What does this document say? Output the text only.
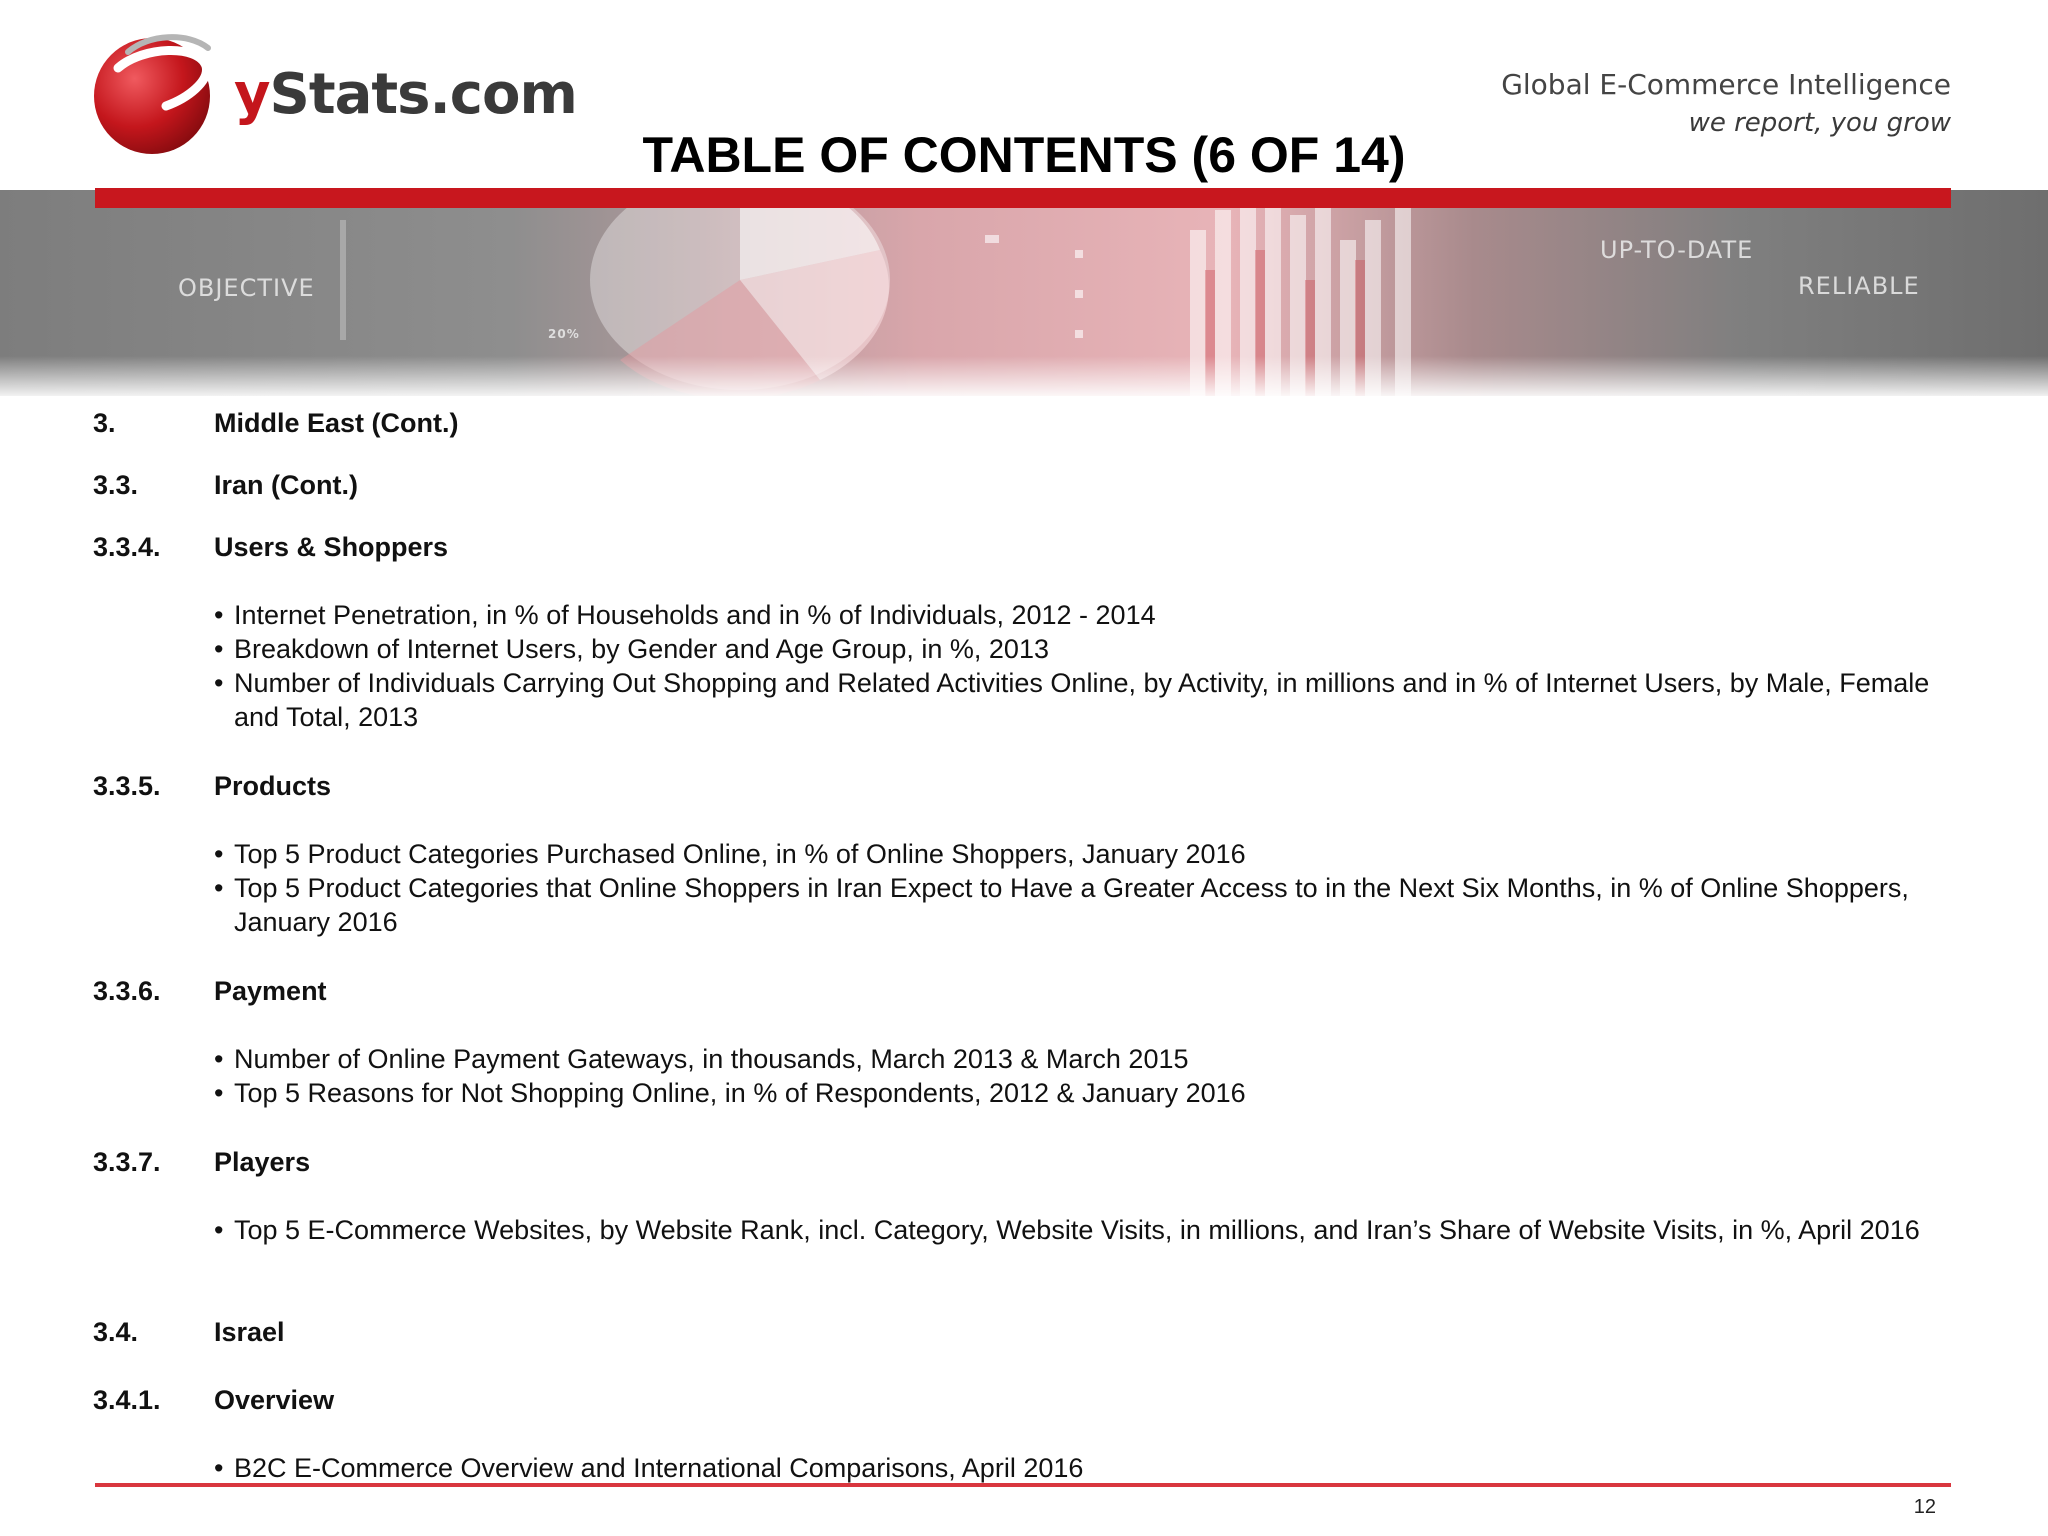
yStats.com	Global E-Commerce Intelligence
we report, you grow
TABLE OF CONTENTS (6 OF 14)
OBJECTIVE
UP-TO-DATE
RELIABLE
20%
3.	Middle East (Cont.)
3.3.	Iran (Cont.)
3.3.4. Users & Shoppers
• Internet Penetration, in % of Households and in % of Individuals, 2012 - 2014
• Breakdown of Internet Users, by Gender and Age Group, in %, 2013
• Number of Individuals Carrying Out Shopping and Related Activities Online, by Activity, in millions and in % of Internet Users, by Male, Female and Total, 2013
3.3.5. Products
• Top 5 Product Categories Purchased Online, in % of Online Shoppers, January 2016
• Top 5 Product Categories that Online Shoppers in Iran Expect to Have a Greater Access to in the Next Six Months, in % of Online Shoppers, January 2016
3.3.6. Payment
• Number of Online Payment Gateways, in thousands, March 2013 & March 2015
• Top 5 Reasons for Not Shopping Online, in % of Respondents, 2012 & January 2016
3.3.7. Players
• Top 5 E-Commerce Websites, by Website Rank, incl. Category, Website Visits, in millions, and Iran’s Share of Website Visits, in %, April 2016
3.4.	Israel
3.4.1. Overview
• B2C E-Commerce Overview and International Comparisons, April 2016
12
